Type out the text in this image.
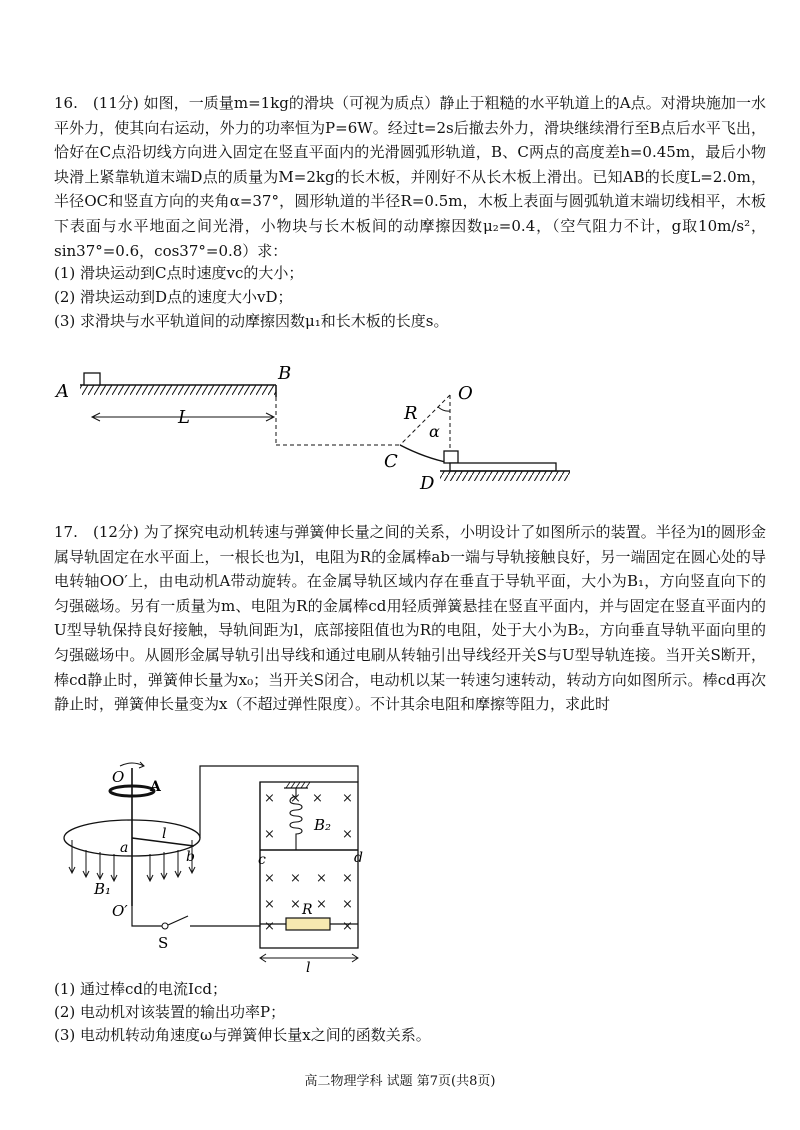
16.　(11分) 如图，一质量m=1kg的滑块（可视为质点）静止于粗糙的水平轨道上的A点。对滑块施加一水平外力，使其向右运动，外力的功率恒为P=6W。经过t=2s后撤去外力，滑块继续滑行至B点后水平飞出，恰好在C点沿切线方向进入固定在竖直平面内的光滑圆弧形轨道，B、C两点的高度差h=0.45m，最后小物块滑上紧靠轨道末端D点的质量为M=2kg的长木板，并刚好不从长木板上滑出。已知AB的长度L=2.0m，半径OC和竖直方向的夹角α=37°，圆形轨道的半径R=0.5m，木板上表面与圆弧轨道末端切线相平，木板下表面与水平地面之间光滑，小物块与长木板间的动摩擦因数μ₂=0.4，（空气阻力不计，g取10m/s²，sin37°=0.6，cos37°=0.8）求：

(1) 滑块运动到C点时速度vc的大小；
(2) 滑块运动到D点的速度大小vD；
(3) 求滑块与水平轨道间的动摩擦因数μ₁和长木板的长度s。
A
B
L
O
R
α
C
D

17.　(12分) 为了探究电动机转速与弹簧伸长量之间的关系，小明设计了如图所示的装置。半径为l的圆形金属导轨固定在水平面上，一根长也为l，电阻为R的金属棒ab一端与导轨接触良好，另一端固定在圆心处的导电转轴OO′上，由电动机A带动旋转。在金属导轨区域内存在垂直于导轨平面，大小为B₁，方向竖直向下的匀强磁场。另有一质量为m、电阻为R的金属棒cd用轻质弹簧悬挂在竖直平面内，并与固定在竖直平面内的U型导轨保持良好接触，导轨间距为l，底部接阻值也为R的电阻，处于大小为B₂，方向垂直导轨平面向里的匀强磁场中。从圆形金属导轨引出导线和通过电刷从转轴引出导线经开关S与U型导轨连接。当开关S断开，棒cd静止时，弹簧伸长量为x₀；当开关S闭合，电动机以某一转速匀速转动，转动方向如图所示。棒cd再次静止时，弹簧伸长量变为x（不超过弹性限度）。不计其余电阻和摩擦等阻力，求此时

O
A
l
a
b
B₁
O′
S
B₂
c	d
× × × ×
×	×
× × × ×
× × × ×
×	×
R
l
(1) 通过棒cd的电流Icd；
(2) 电动机对该装置的输出功率P；
(3) 电动机转动角速度ω与弹簧伸长量x之间的函数关系。
高二物理学科 试题 第7页(共8页)
